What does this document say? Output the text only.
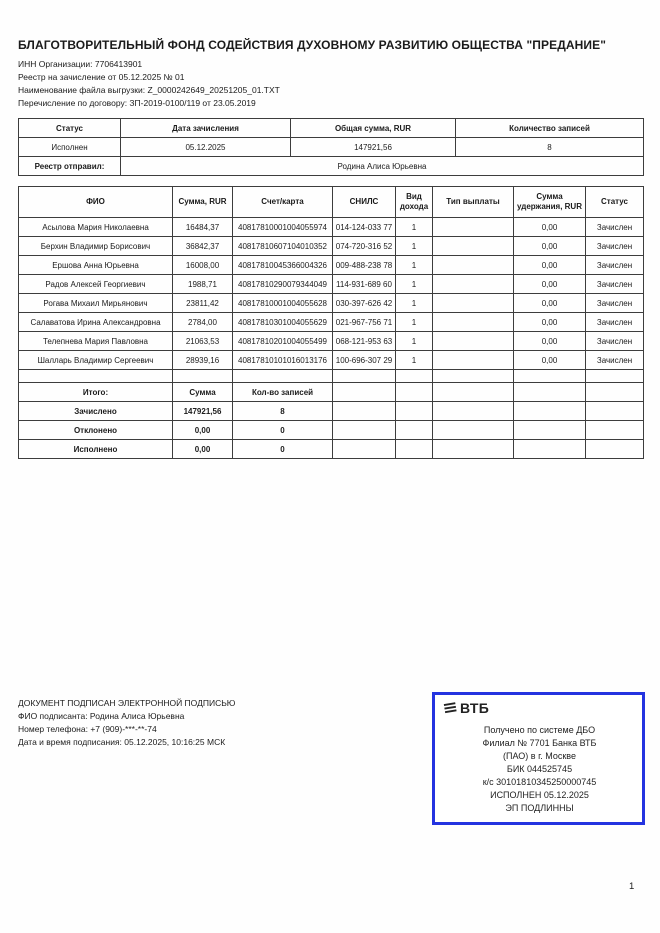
БЛАГОТВОРИТЕЛЬНЫЙ ФОНД СОДЕЙСТВИЯ ДУХОВНОМУ РАЗВИТИЮ ОБЩЕСТВА "ПРЕДАНИЕ"
ИНН Организации: 7706413901
Реестр на зачисление от 05.12.2025 № 01
Наименование файла выгрузки: Z_0000242649_20251205_01.TXT
Перечисление по договору: ЗП-2019-0100/119 от 23.05.2019
Статус	Дата зачисления	Общая сумма, RUR	Количество записей
Исполнен	05.12.2025	147921,56	8
Реестр отправил:	Родина Алиса Юрьевна		
ФИО	Сумма, RUR	Счет/карта	СНИЛС	Вид дохода	Тип выплаты	Сумма удержания, RUR	Статус
Асылова Мария Николаевна	16484,37	40817810001004055974	014-124-033 77	1		0,00	Зачислен
Берхин Владимир Борисович	36842,37	40817810607104010352	074-720-316 52	1		0,00	Зачислен
Ершова Анна Юрьевна	16008,00	40817810045366004326	009-488-238 78	1		0,00	Зачислен
Радов Алексей Георгиевич	1988,71	40817810290079344049	114-931-689 60	1		0,00	Зачислен
Рогава Михаил Мирьянович	23811,42	40817810001004055628	030-397-626 42	1		0,00	Зачислен
Салаватова Ирина Александровна	2784,00	40817810301004055629	021-967-756 71	1		0,00	Зачислен
Телепнева Мария Павловна	21063,53	40817810201004055499	068-121-953 63	1		0,00	Зачислен
Шалларь Владимир Сергеевич	28939,16	40817810101016013176	100-696-307 29	1		0,00	Зачислен

Итого:	Сумма	Кол-во записей					
Зачислено	147921,56	8					
Отклонено	0,00	0					
Исполнено	0,00	0					
ДОКУМЕНТ ПОДПИСАН ЭЛЕКТРОННОЙ ПОДПИСЬЮ
ФИО подписанта: Родина Алиса Юрьевна
Номер телефона: +7 (909)-***-**-74
Дата и время подписания: 05.12.2025, 10:16:25 МСК
ВТБ
Получено по системе ДБО
Филиал № 7701 Банка ВТБ
(ПАО) в г. Москве
БИК 044525745
к/с 30101810345250000745
ИСПОЛНЕН 05.12.2025
ЭП ПОДЛИННЫ
1
